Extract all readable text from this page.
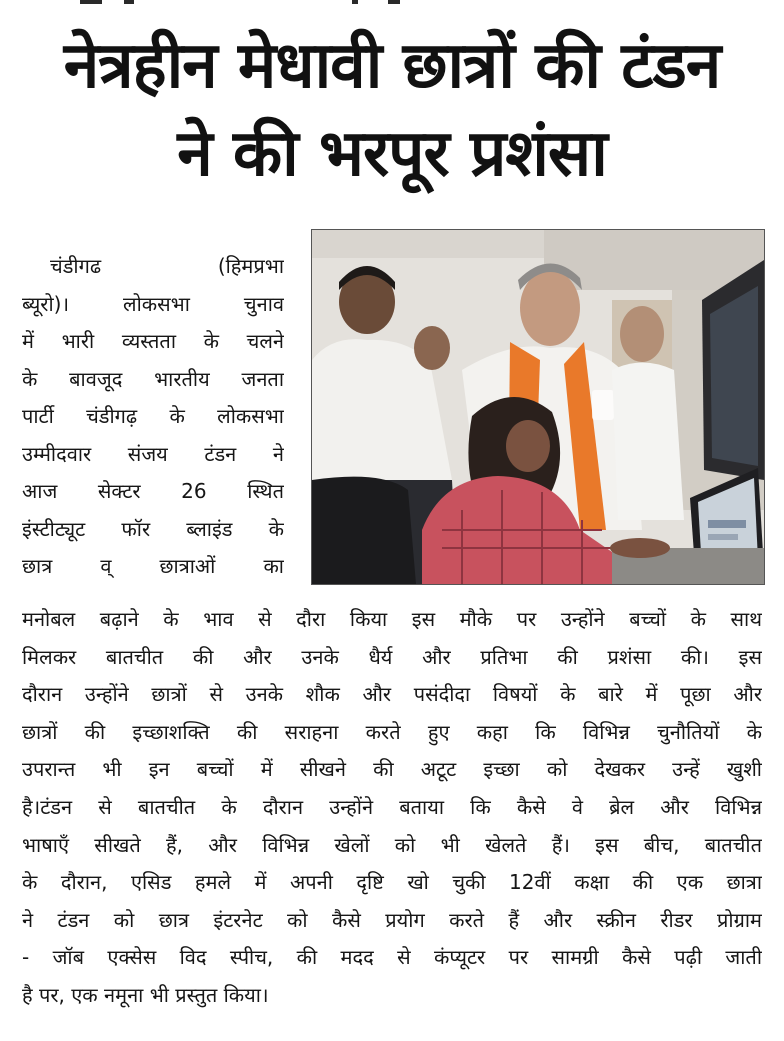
नेत्रहीन मेधावी छात्रों की टंडन
ने की भरपूर प्रशंसा
चंडीगढ (हिमप्रभा
ब्यूरो)। लोकसभा चुनाव
में भारी व्यस्तता के चलने
के बावजूद भारतीय जनता
पार्टी चंडीगढ़ के लोकसभा
उम्मीदवार संजय टंडन ने
आज सेक्टर 26 स्थित
इंस्टीट्यूट फॉर ब्लाइंड के
छात्र व् छात्राओं का
मनोबल बढ़ाने के भाव से दौरा किया इस मौके पर उन्होंने बच्चों के साथ
मिलकर बातचीत की और उनके धैर्य और प्रतिभा की प्रशंसा की। इस
दौरान उन्होंने छात्रों से उनके शौक और पसंदीदा विषयों के बारे में पूछा और
छात्रों की इच्छाशक्ति की सराहना करते हुए कहा कि विभिन्न चुनौतियों के
उपरान्त भी इन बच्चों में सीखने की अटूट इच्छा को देखकर उन्हें खुशी
है।टंडन से बातचीत के दौरान उन्होंने बताया कि कैसे वे ब्रेल और विभिन्न
भाषाएँ सीखते हैं, और विभिन्न खेलों को भी खेलते हैं। इस बीच, बातचीत
के दौरान, एसिड हमले में अपनी दृष्टि खो चुकी 12वीं कक्षा की एक छात्रा
ने टंडन को छात्र इंटरनेट को कैसे प्रयोग करते हैं और स्क्रीन रीडर प्रोग्राम
- जॉब एक्सेस विद स्पीच, की मदद से कंप्यूटर पर सामग्री कैसे पढ़ी जाती
है पर, एक नमूना भी प्रस्तुत किया।
